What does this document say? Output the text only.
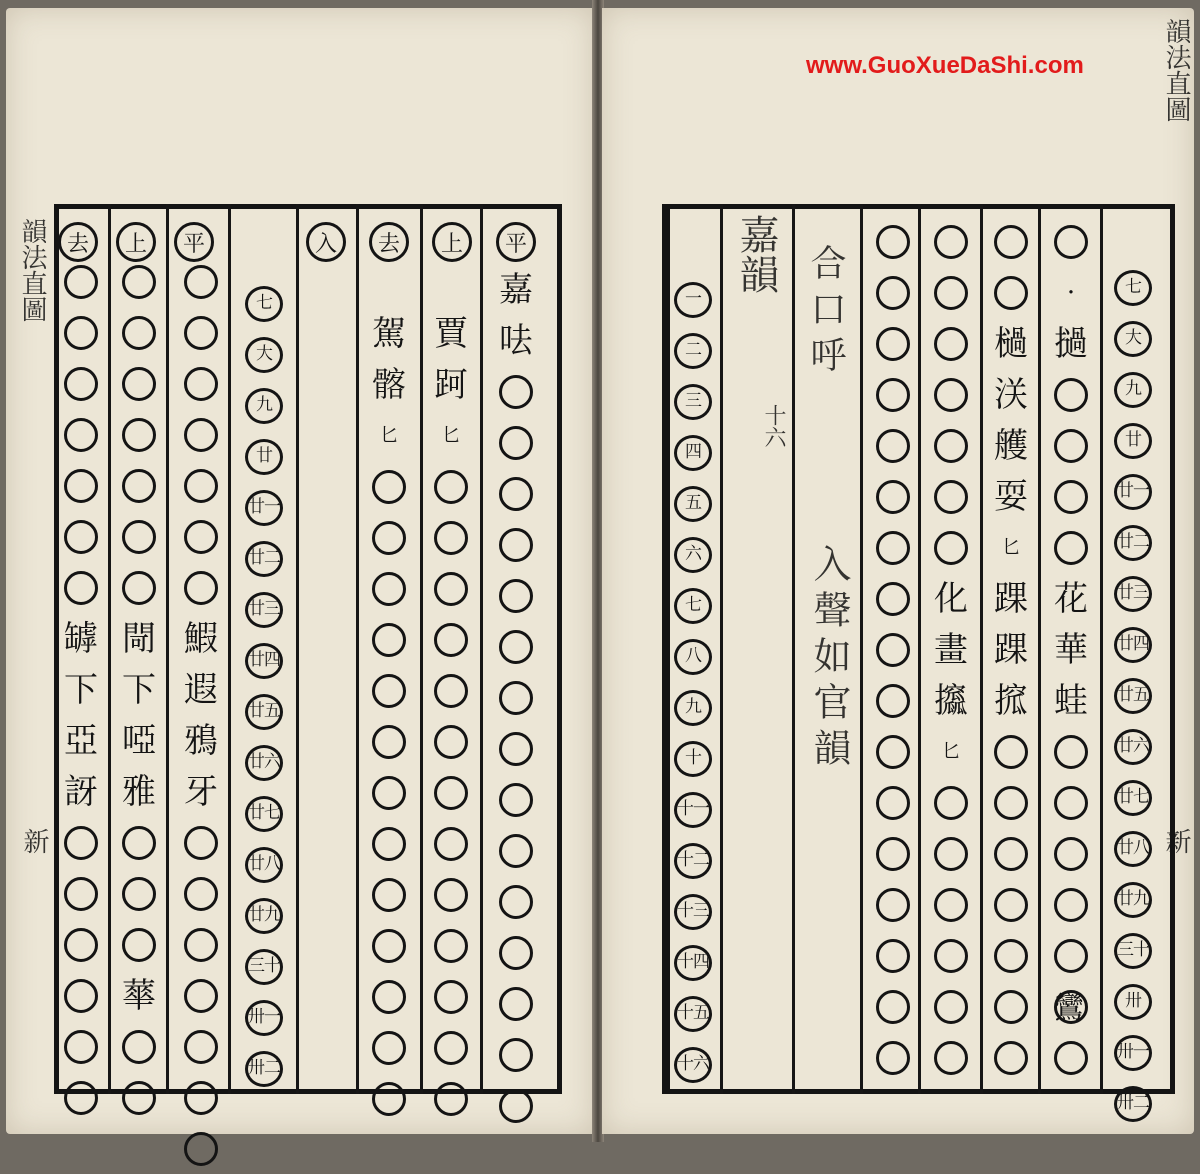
韻法直圖
新
平
上
去
入
平
上
去
嘉
呿
賈
跒
匕
駕
髂
匕
七
大
九
廿
廿一
廿二
廿三
廿四
廿五
廿六
廿七
廿八
廿九
三十
卅一
卅二
鰕
遐
鴉
牙
閜
下
啞
雅
蕐
罅
下
亞
訝
www.GuoXueDaShi.com	韻法直圖
新
嘉韻 合口呼
十六
入聲如官韻
一
二
三
四
五
六
七
八
九
十
十一
十二
十三
十四
十五
十六
化
畫
攨
匕
檛
浂
艧
耍
匕
踝
踝
搲
·
撾
花
華
蛙
七
大
九
廿
廿一
廿二
廿三
廿四
廿五
廿六
廿七
廿八
廿九
三十
卅
卅一
卅二
鸞
